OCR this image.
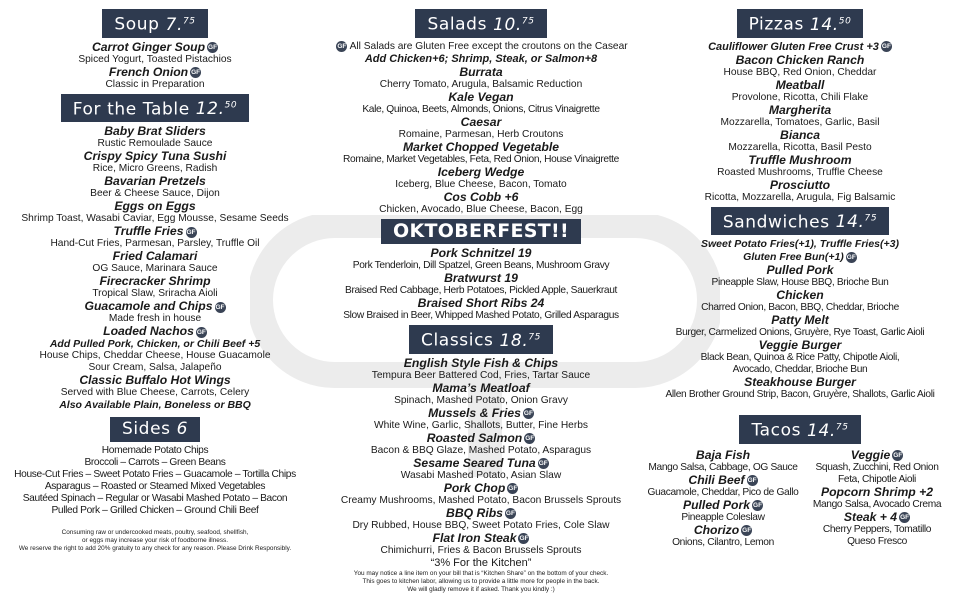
Soup 7.75
Carrot Ginger Soup GF
Spiced Yogurt, Toasted Pistachios
French Onion GF
Classic in Preparation
For the Table 12.50
Baby Brat Sliders
Rustic Remoulade Sauce
Crispy Spicy Tuna Sushi
Rice, Micro Greens, Radish
Bavarian Pretzels
Beer & Cheese Sauce, Dijon
Eggs on Eggs
Shrimp Toast, Wasabi Caviar, Egg Mousse, Sesame Seeds
Truffle Fries GF
Hand-Cut Fries, Parmesan, Parsley, Truffle Oil
Fried Calamari
OG Sauce, Marinara Sauce
Firecracker Shrimp
Tropical Slaw, Sriracha Aioli
Guacamole and Chips GF
Made fresh in house
Loaded Nachos GF
Add Pulled Pork, Chicken, or Chili Beef +5
House Chips, Cheddar Cheese, House Guacamole
Sour Cream, Salsa, Jalapeño
Classic Buffalo Hot Wings
Served with Blue Cheese, Carrots, Celery
Also Available Plain, Boneless or BBQ
Sides 6
Homemade Potato Chips
Broccoli – Carrots – Green Beans
House-Cut Fries – Sweet Potato Fries – Guacamole – Tortilla Chips
Asparagus – Roasted or Steamed Mixed Vegetables
Sautéed Spinach – Regular or Wasabi Mashed Potato – Bacon
Pulled Pork – Grilled Chicken – Ground Chili Beef
Consuming raw or undercooked meats, poultry, seafood, shellfish,
or eggs may increase your risk of foodborne illness.
We reserve the right to add 20% gratuity to any check for any reason. Please Drink Responsibly.
Salads 10.75
GF All Salads are Gluten Free except the croutons on the Casear
Add Chicken+6; Shrimp, Steak, or Salmon+8
Burrata
Cherry Tomato, Arugula, Balsamic Reduction
Kale Vegan
Kale, Quinoa, Beets, Almonds, Onions, Citrus Vinaigrette
Caesar
Romaine, Parmesan, Herb Croutons
Market Chopped Vegetable
Romaine, Market Vegetables, Feta, Red Onion, House Vinaigrette
Iceberg Wedge
Iceberg, Blue Cheese, Bacon, Tomato
Cos Cobb +6
Chicken, Avocado, Blue Cheese, Bacon, Egg
OKTOBERFEST!!
Pork Schnitzel 19
Pork Tenderloin, Dill Spatzel, Green Beans, Mushroom Gravy
Bratwurst 19
Braised Red Cabbage, Herb Potatoes, Pickled Apple, Sauerkraut
Braised Short Ribs 24
Slow Braised in Beer, Whipped Mashed Potato, Grilled Asparagus
Classics 18.75
English Style Fish & Chips
Tempura Beer Battered Cod, Fries, Tartar Sauce
Mama’s Meatloaf
Spinach, Mashed Potato, Onion Gravy
Mussels & Fries GF
White Wine, Garlic, Shallots, Butter, Fine Herbs
Roasted Salmon GF
Bacon & BBQ Glaze, Mashed Potato, Asparagus
Sesame Seared Tuna GF
Wasabi Mashed Potato, Asian Slaw
Pork Chop GF
Creamy Mushrooms, Mashed Potato, Bacon Brussels Sprouts
BBQ Ribs GF
Dry Rubbed, House BBQ, Sweet Potato Fries, Cole Slaw
Flat Iron Steak GF
Chimichurri, Fries & Bacon Brussels Sprouts
“3% For the Kitchen”
You may notice a line item on your bill that is “Kitchen Share” on the bottom of your check.
This goes to kitchen labor, allowing us to provide a little more for people in the back.
We will gladly remove it if asked. Thank you kindly :)
Pizzas 14.50
Cauliflower Gluten Free Crust +3 GF
Bacon Chicken Ranch
House BBQ, Red Onion, Cheddar
Meatball
Provolone, Ricotta, Chili Flake
Margherita
Mozzarella, Tomatoes, Garlic, Basil
Bianca
Mozzarella, Ricotta, Basil Pesto
Truffle Mushroom
Roasted Mushrooms, Truffle Cheese
Prosciutto
Ricotta, Mozzarella, Arugula, Fig Balsamic
Sandwiches 14.75
Sweet Potato Fries(+1), Truffle Fries(+3)
Gluten Free Bun(+1) GF
Pulled Pork
Pineapple Slaw, House BBQ, Brioche Bun
Chicken
Charred Onion, Bacon, BBQ, Cheddar, Brioche
Patty Melt
Burger, Carmelized Onions, Gruyère, Rye Toast, Garlic Aioli
Veggie Burger
Black Bean, Quinoa & Rice Patty, Chipotle Aioli,
Avocado, Cheddar, Brioche Bun
Steakhouse Burger
Allen Brother Ground Strip, Bacon, Gruyère, Shallots, Garlic Aioli
Tacos 14.75
Baja Fish
Mango Salsa, Cabbage, OG Sauce
Chili Beef GF
Guacamole, Cheddar, Pico de Gallo
Pulled Pork GF
Pineapple Coleslaw
Chorizo GF
Onions, Cilantro, Lemon
Veggie GF
Squash, Zucchini, Red Onion
Feta, Chipotle Aioli
Popcorn Shrimp +2
Mango Salsa, Avocado Crema
Steak + 4 GF
Cherry Peppers, Tomatillo
Queso Fresco
